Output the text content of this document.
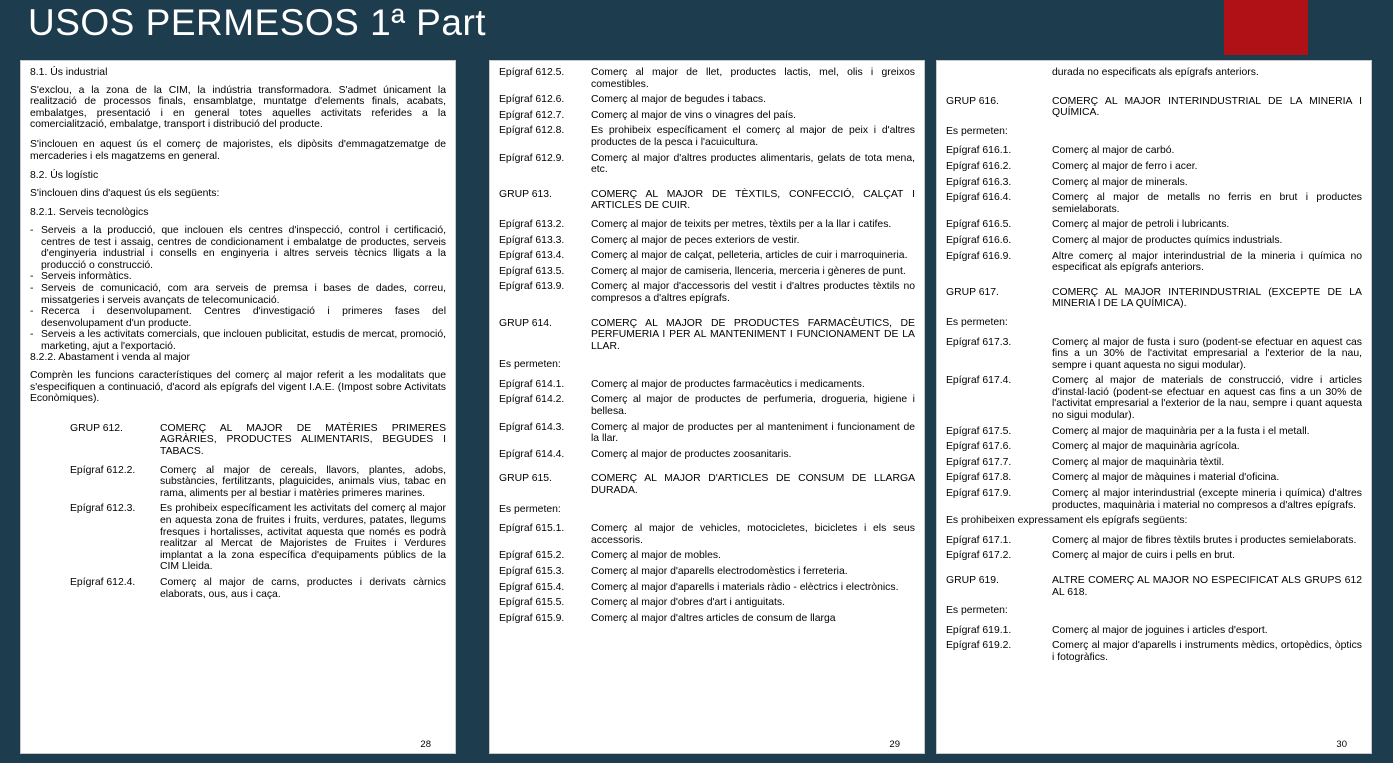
USOS PERMESOS 1ª Part

8.1. Ús industrial

S'exclou, a la zona de la CIM, la indústria transformadora. S'admet únicament la realització de processos finals, ensamblatge, muntatge d'elements finals, acabats, embalatges, presentació i en general totes aquelles activitats referides a la comercialització, embalatge, transport i distribució del producte.

S'inclouen en aquest ús el comerç de majoristes, els dipòsits d'emmagatzematge de mercaderies i els magatzems en general.

8.2. Ús logístic

S'inclouen dins d'aquest ús els següents:

8.2.1. Serveis tecnològics

- Serveis a la producció, que inclouen els centres d'inspecció, control i certificació, centres de test i assaig, centres de condicionament i embalatge de productes, serveis d'enginyeria industrial i consells en enginyeria i altres serveis tècnics lligats a la producció o construcció.
- Serveis informàtics.
- Serveis de comunicació, com ara serveis de premsa i bases de dades, correu, missatgeries i serveis avançats de telecomunicació.
- Recerca i desenvolupament. Centres d'investigació i primeres fases del desenvolupament d'un producte.
- Serveis a les activitats comercials, que inclouen publicitat, estudis de mercat, promoció, marketing, ajut a l'exportació.

8.2.2. Abastament i venda al major

Comprèn les funcions característiques del comerç al major referit a les modalitats que s'especifiquen a continuació, d'acord als epígrafs del vigent I.A.E. (Impost sobre Activitats Econòmiques).

GRUP 612.	COMERÇ AL MAJOR DE MATÈRIES PRIMERES AGRÀRIES, PRODUCTES ALIMENTARIS, BEGUDES I TABACS.
Epígraf 612.2.	Comerç al major de cereals, llavors, plantes, adobs, substàncies, fertilitzants, plaguicides, animals vius, tabac en rama, aliments per al bestiar i matèries primeres marines.
Epígraf 612.3.	Es prohibeix específicament les activitats del comerç al major en aquesta zona de fruites i fruits, verdures, patates, llegums fresques i hortalisses, activitat aquesta que només es podrà realitzar al Mercat de Majoristes de Fruites i Verdures implantat a la zona específica d'equipaments públics de la CIM Lleida.
Epígraf 612.4.	Comerç al major de carns, productes i derivats càrnics elaborats, ous, aus i caça.
28
Epígraf 612.5.	Comerç al major de llet, productes lactis, mel, olis i greixos comestibles.
Epígraf 612.6.	Comerç al major de begudes i tabacs.
Epígraf 612.7.	Comerç al major de vins o vinagres del país.
Epígraf 612.8.	Es prohibeix específicament el comerç al major de peix i d'altres productes de la pesca i l'acuicultura.
Epígraf 612.9.	Comerç al major d'altres productes alimentaris, gelats de tota mena, etc.
GRUP 613.	COMERÇ AL MAJOR DE TÈXTILS, CONFECCIÓ, CALÇAT I ARTICLES DE CUIR.
Epígraf 613.2.	Comerç al major de teixits per metres, tèxtils per a la llar i catifes.
Epígraf 613.3.	Comerç al major de peces exteriors de vestir.
Epígraf 613.4.	Comerç al major de calçat, pelleteria, articles de cuir i marroquineria.
Epígraf 613.5.	Comerç al major de camiseria, llenceria, merceria i gèneres de punt.
Epígraf 613.9.	Comerç al major d'accessoris del vestit i d'altres productes tèxtils no compresos a d'altres epígrafs.
GRUP 614.	COMERÇ AL MAJOR DE PRODUCTES FARMACÈUTICS, DE PERFUMERIA I PER AL MANTENIMENT I FUNCIONAMENT DE LA LLAR.

Es permeten:

Epígraf 614.1.	Comerç al major de productes farmacèutics i medicaments.
Epígraf 614.2.	Comerç al major de productes de perfumeria, drogueria, higiene i bellesa.
Epígraf 614.3.	Comerç al major de productes per al manteniment i funcionament de la llar.
Epígraf 614.4.	Comerç al major de productes zoosanitaris.
GRUP 615.	COMERÇ AL MAJOR D'ARTICLES DE CONSUM DE LLARGA DURADA.

Es permeten:

Epígraf 615.1.	Comerç al major de vehicles, motocicletes, bicicletes i els seus accessoris.
Epígraf 615.2.	Comerç al major de mobles.
Epígraf 615.3.	Comerç al major d'aparells electrodomèstics i ferreteria.
Epígraf 615.4.	Comerç al major d'aparells i materials ràdio - elèctrics i electrònics.
Epígraf 615.5.	Comerç al major d'obres d'art i antiguitats.
Epígraf 615.9.	Comerç al major d'altres articles de consum de llarga
29

durada no especificats als epígrafs anteriors.

GRUP 616.	COMERÇ AL MAJOR INTERINDUSTRIAL DE LA MINERIA I QUÍMICA.

Es permeten:

Epígraf 616.1.	Comerç al major de carbó.
Epígraf 616.2.	Comerç al major de ferro i acer.
Epígraf 616.3.	Comerç al major de minerals.
Epígraf 616.4.	Comerç al major de metalls no ferris en brut i productes semielaborats.
Epígraf 616.5.	Comerç al major de petroli i lubricants.
Epígraf 616.6.	Comerç al major de productes químics industrials.
Epígraf 616.9.	Altre comerç al major interindustrial de la mineria i química no especificat als epígrafs anteriors.
GRUP 617.	COMERÇ AL MAJOR INTERINDUSTRIAL (EXCEPTE DE LA MINERIA I DE LA QUÍMICA).

Es permeten:

Epígraf 617.3.	Comerç al major de fusta i suro (podent-se efectuar en aquest cas fins a un 30% de l'activitat empresarial a l'exterior de la nau, sempre i quant aquesta no sigui modular).
Epígraf 617.4.	Comerç al major de materials de construcció, vidre i articles d'instal·lació (podent-se efectuar en aquest cas fins a un 30% de l'activitat empresarial a l'exterior de la nau, sempre i quant aquesta no sigui modular).
Epígraf 617.5.	Comerç al major de maquinària per a la fusta i el metall.
Epígraf 617.6.	Comerç al major de maquinària agrícola.
Epígraf 617.7.	Comerç al major de maquinària tèxtil.
Epígraf 617.8.	Comerç al major de màquines i material d'oficina.
Epígraf 617.9.	Comerç al major interindustrial (excepte mineria i química) d'altres productes, maquinària i material no compresos a d'altres epígrafs.

Es prohibeixen expressament els epígrafs següents:

Epígraf 617.1.	Comerç al major de fibres tèxtils brutes i productes semielaborats.
Epígraf 617.2.	Comerç al major de cuirs i pells en brut.
GRUP 619.	ALTRE COMERÇ AL MAJOR NO ESPECIFICAT ALS GRUPS 612 AL 618.

Es permeten:

Epígraf 619.1.	Comerç al major de joguines i articles d'esport.
Epígraf 619.2.	Comerç al major d'aparells i instruments mèdics, ortopèdics, òptics i fotogràfics.
30
